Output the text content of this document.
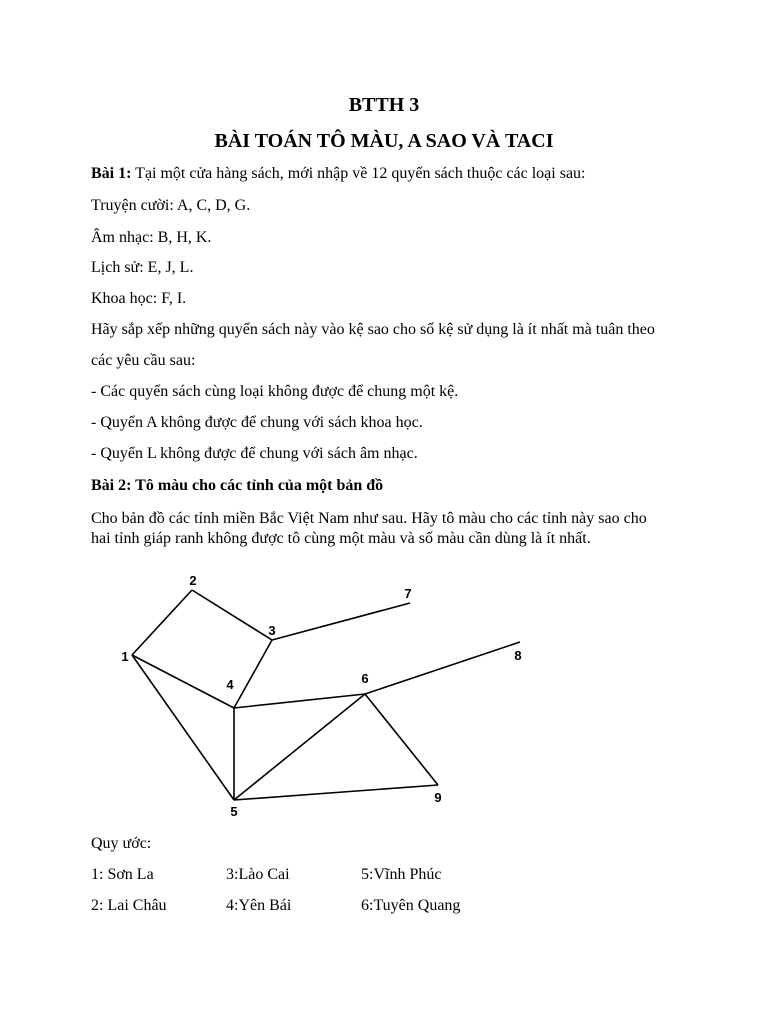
BTTH 3
BÀI TOÁN TÔ MÀU, A SAO VÀ TACI
Bài 1: Tại một cửa hàng sách, mới nhập về 12 quyển sách thuộc các loại sau:
Truyện cười: A, C, D, G.
Âm nhạc: B, H, K.
Lịch sử: E, J, L.
Khoa học: F, I.
Hãy sắp xếp những quyển sách này vào kệ sao cho số kệ sử dụng là ít nhất mà tuân theo
các yêu cầu sau:
- Các quyển sách cùng loại không được để chung một kệ.
- Quyển A không được để chung với sách khoa học.
- Quyển L không được để chung với sách âm nhạc.
Bài 2: Tô màu cho các tỉnh của một bản đồ
Cho bản đồ các tỉnh miền Bắc Việt Nam như sau. Hãy tô màu cho các tỉnh này sao cho
hai tỉnh giáp ranh không được tô cùng một màu và số màu cần dùng là ít nhất.
1
2
3
4
5
6
7
8
9
Quy ước:
1: Sơn La	3:Lào Cai	5:Vĩnh Phúc
2: Lai Châu	4:Yên Bái	6:Tuyên Quang
